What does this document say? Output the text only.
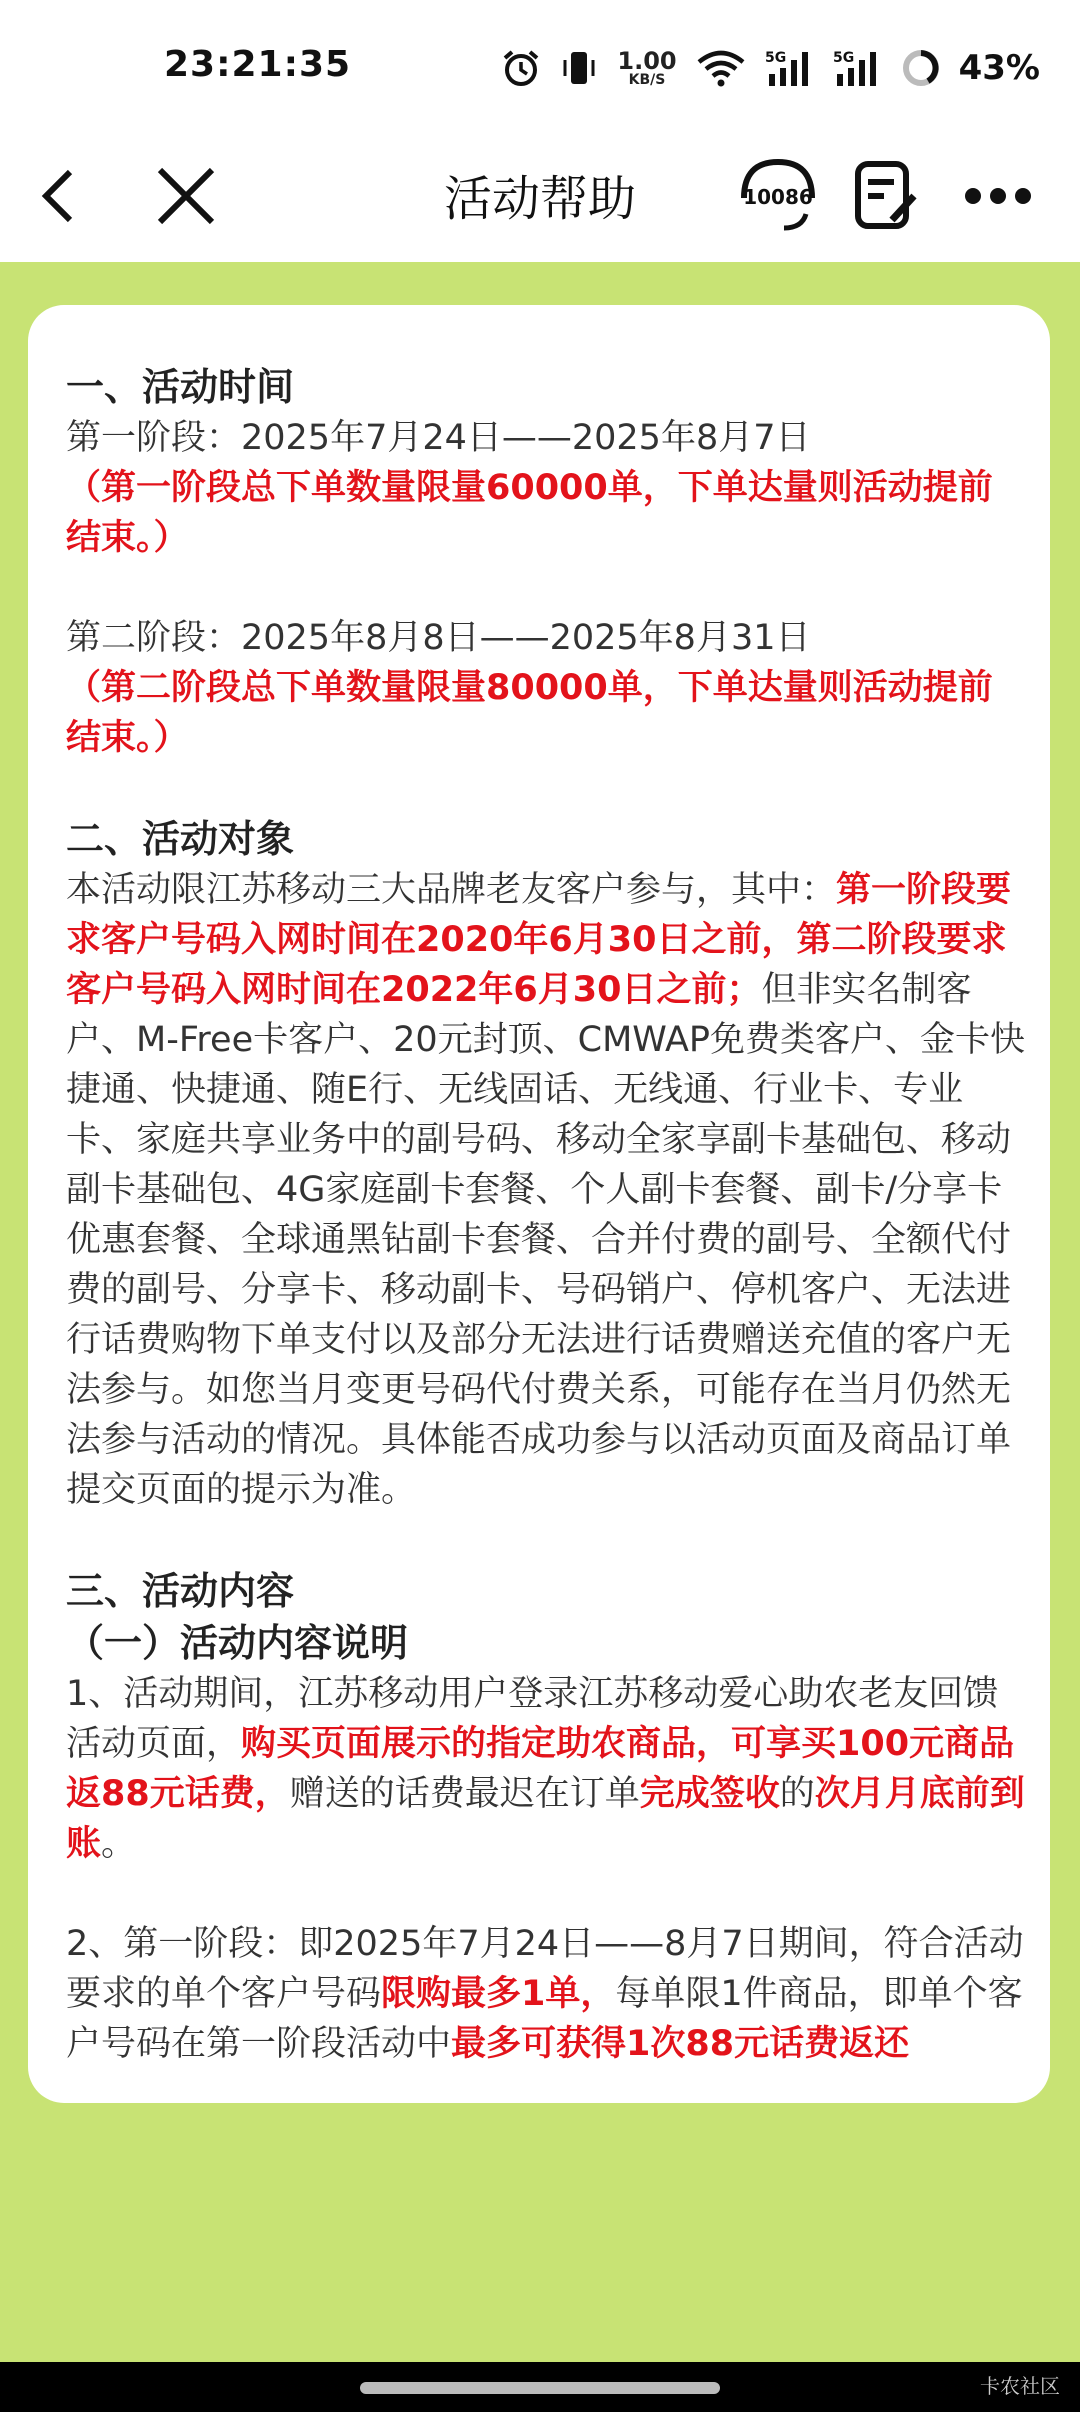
23:21:35	1.00
KB/S
5G	5G	43%
活动帮助	10086
一、活动时间
第一阶段：2025年7月24日——2025年8月7日
（第一阶段总下单数量限量60000单，下单达量则活动提前结束。）
第二阶段：2025年8月8日——2025年8月31日
（第二阶段总下单数量限量80000单，下单达量则活动提前结束。）
二、活动对象
本活动限江苏移动三大品牌老友客户参与，其中：第一阶段要求客户号码入网时间在2020年6月30日之前，第二阶段要求客户号码入网时间在2022年6月30日之前；但非实名制客户、M-Free卡客户、20元封顶、CMWAP免费类客户、金卡快捷通、快捷通、随E行、无线固话、无线通、行业卡、专业卡、家庭共享业务中的副号码、移动全家享副卡基础包、移动副卡基础包、4G家庭副卡套餐、个人副卡套餐、副卡/分享卡优惠套餐、全球通黑钻副卡套餐、合并付费的副号、全额代付费的副号、分享卡、移动副卡、号码销户、停机客户、无法进行话费购物下单支付以及部分无法进行话费赠送充值的客户无法参与。如您当月变更号码代付费关系，可能存在当月仍然无法参与活动的情况。具体能否成功参与以活动页面及商品订单提交页面的提示为准。
三、活动内容
（一）活动内容说明
1、活动期间，江苏移动用户登录江苏移动爱心助农老友回馈活动页面，购买页面展示的指定助农商品，可享买100元商品返88元话费，赠送的话费最迟在订单完成签收的次月月底前到账。
2、第一阶段：即2025年7月24日——8月7日期间，符合活动要求的单个客户号码限购最多1单，每单限1件商品，即单个客户号码在第一阶段活动中最多可获得1次88元话费返还
卡农社区
